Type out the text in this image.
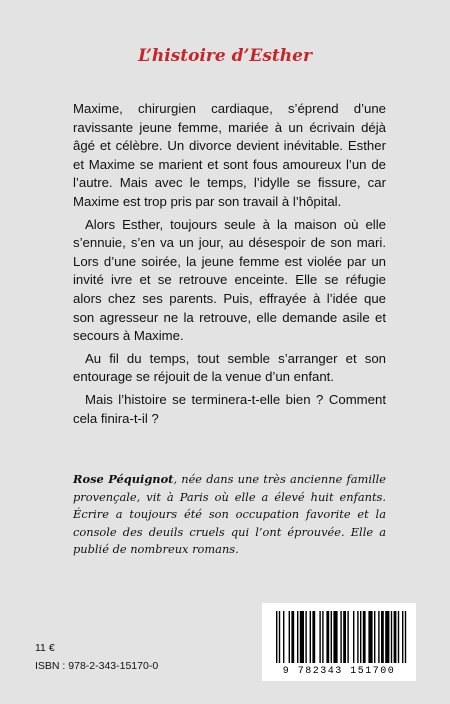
L’histoire d’Esther

Maxime, chirurgien cardiaque, s’éprend d’une ravissante jeune femme, mariée à un écrivain déjà âgé et célèbre. Un divorce devient inévitable. Esther et Maxime se marient et sont fous amoureux l’un de l’autre. Mais avec le temps, l’idylle se fissure, car Maxime est trop pris par son travail à l’hôpital.

Alors Esther, toujours seule à la maison où elle s’ennuie, s’en va un jour, au désespoir de son mari. Lors d’une soirée, la jeune femme est violée par un invité ivre et se retrouve enceinte. Elle se réfugie alors chez ses parents. Puis, effrayée à l’idée que son agresseur ne la retrouve, elle demande asile et secours à Maxime.

Au fil du temps, tout semble s’arranger et son entourage se réjouit de la venue d’un enfant.

Mais l’histoire se terminera-t-elle bien ? Comment cela finira-t-il ?

Rose Péquignot, née dans une très ancienne famille provençale, vit à Paris où elle a élevé huit enfants. Écrire a toujours été son occupation favorite et la console des deuils cruels qui l’ont éprouvée. Elle a publié de nombreux romans.
11 €
ISBN : 978-2-343-15170-0	9 782343 151700
